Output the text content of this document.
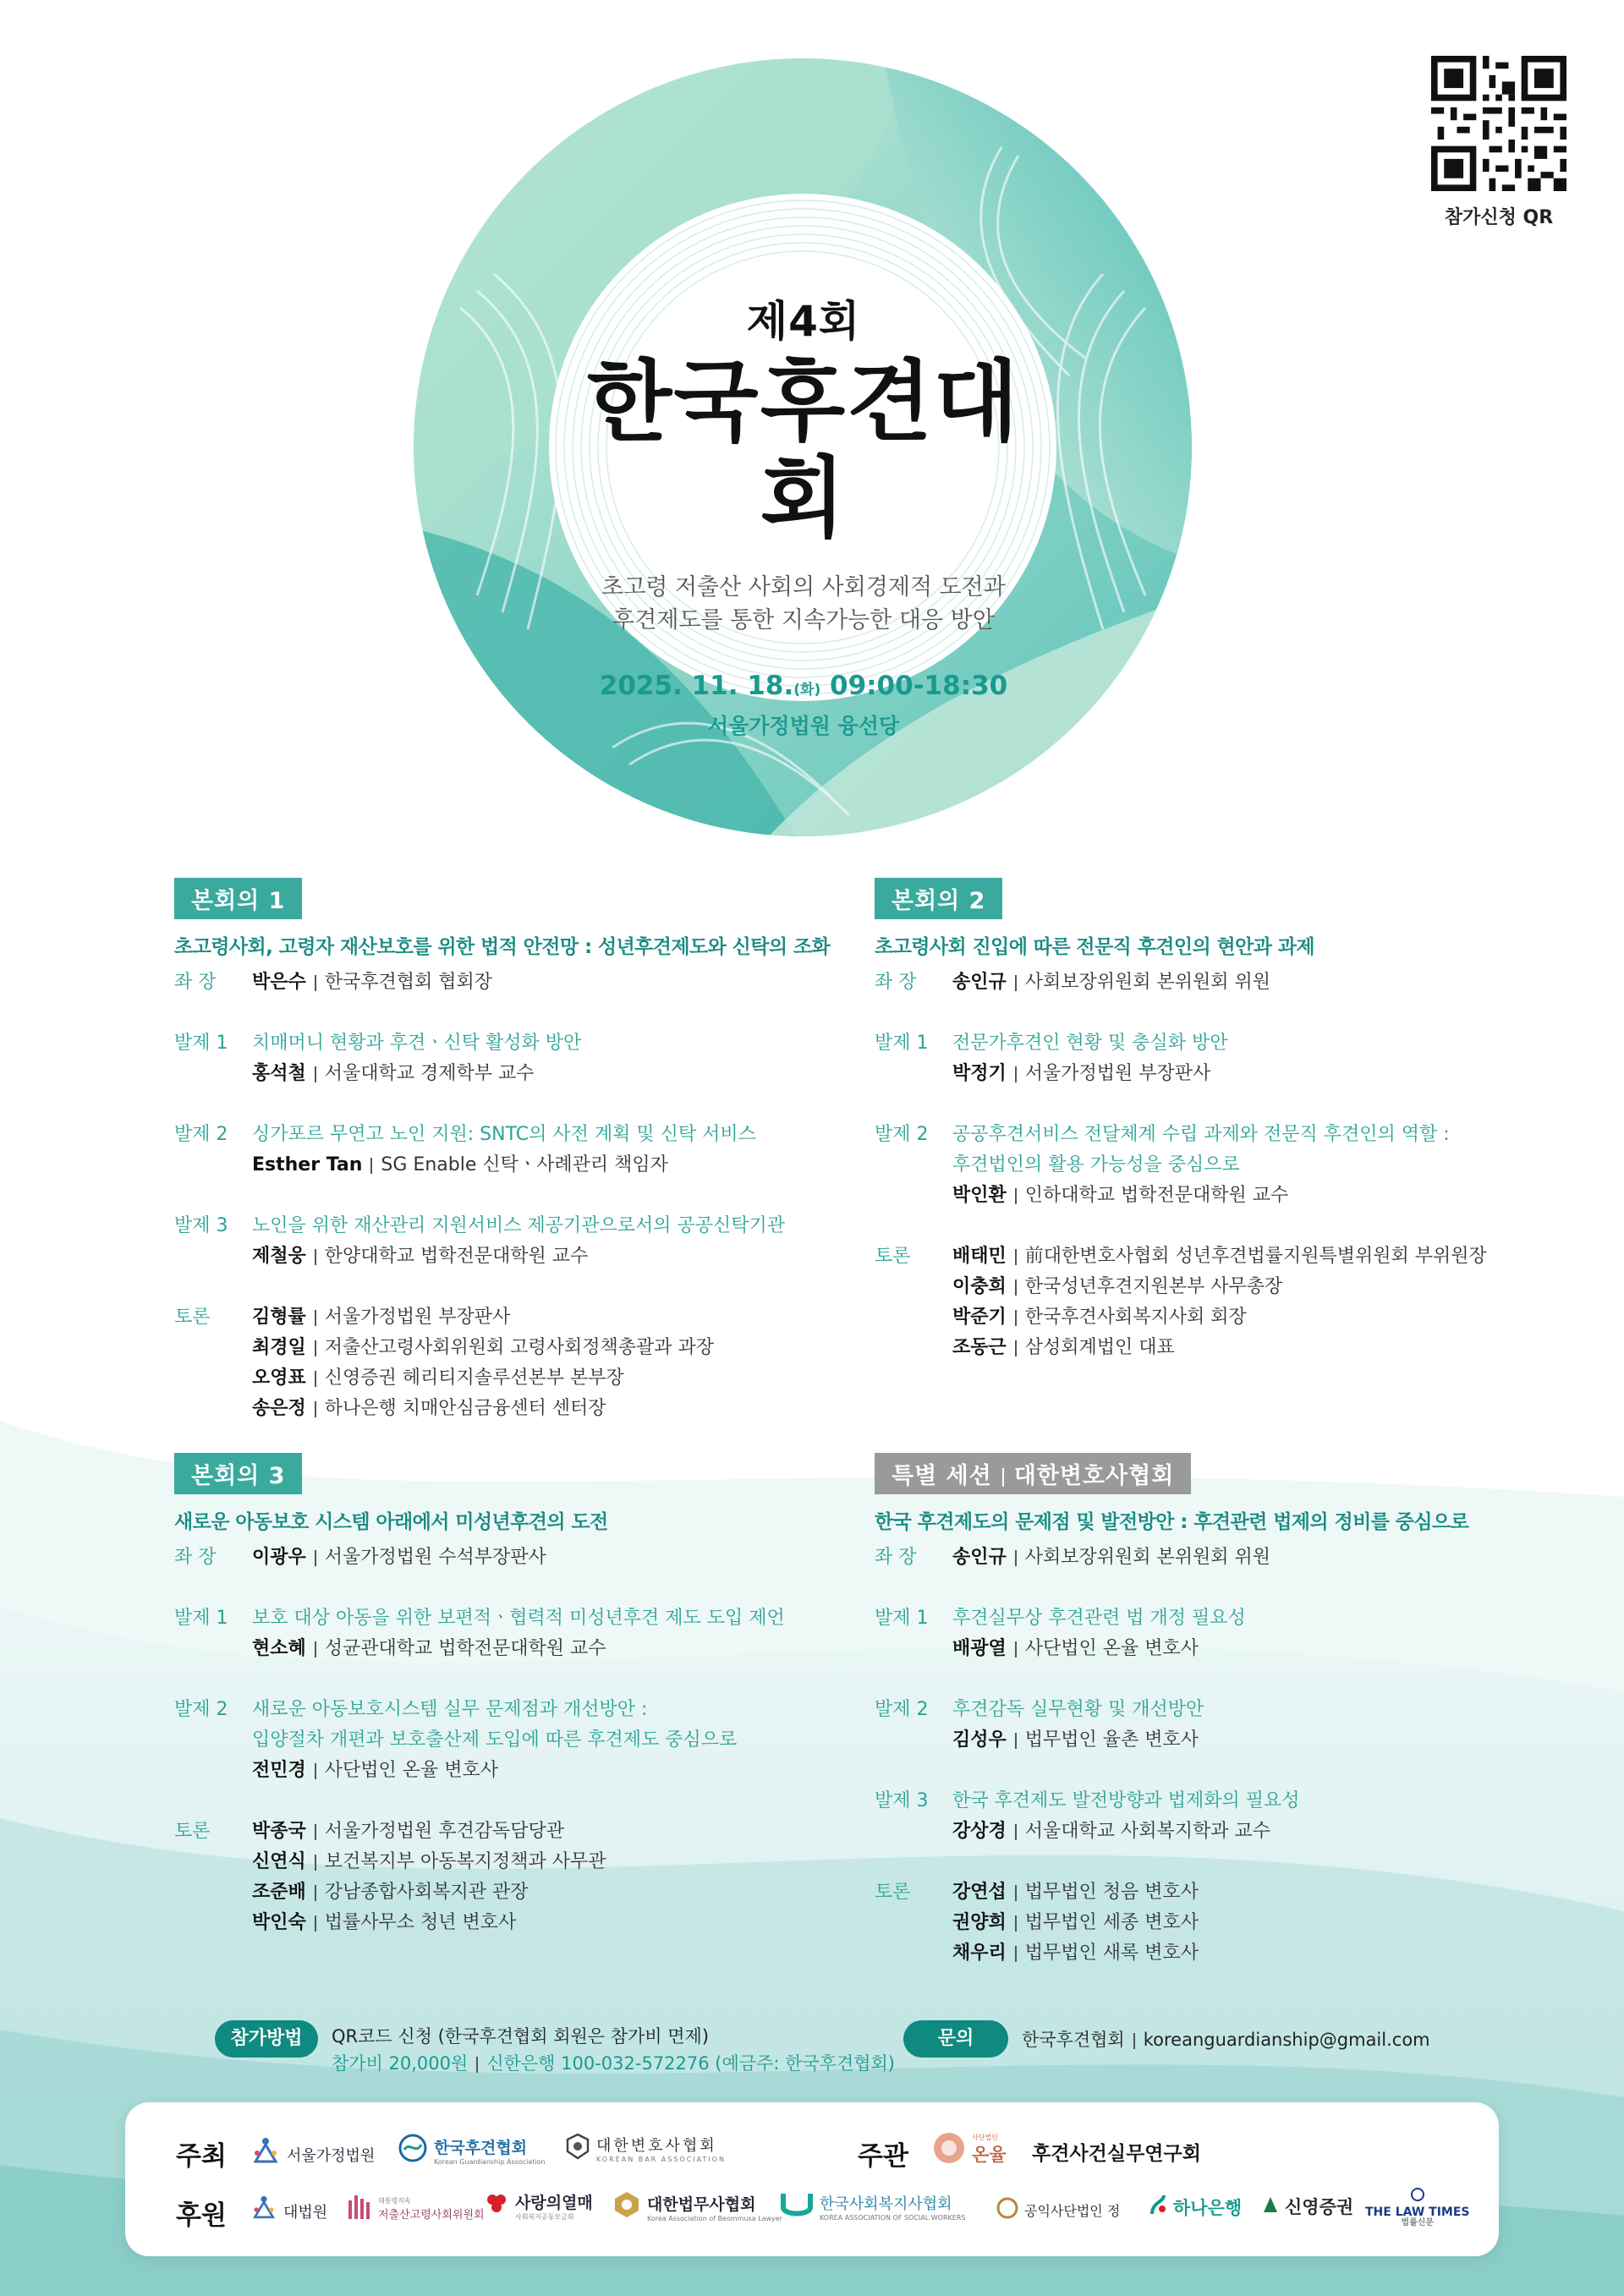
참가신청 QR
제4회
한국후견대회
초고령 저출산 사회의 사회경제적 도전과
후견제도를 통한 지속가능한 대응 방안
2025. 11. 18.(화) 09:00-18:30
서울가정법원 융선당
본회의 1
초고령사회, 고령자 재산보호를 위한 법적 안전망 : 성년후견제도와 신탁의 조화
좌 장	박은수 한국후견협회 협회장
발제 1	치매머니 현황과 후견ㆍ신탁 활성화 방안
홍석철 서울대학교 경제학부 교수
발제 2	싱가포르 무연고 노인 지원: SNTC의 사전 계획 및 신탁 서비스
Esther Tan SG Enable 신탁ㆍ사례관리 책임자
발제 3	노인을 위한 재산관리 지원서비스 제공기관으로서의 공공신탁기관
제철웅 한양대학교 법학전문대학원 교수
토론	김형률 서울가정법원 부장판사
최경일 저출산고령사회위원회 고령사회정책총괄과 과장
오영표 신영증권 헤리티지솔루션본부 본부장
송은정 하나은행 치매안심금융센터 센터장
본회의 2
초고령사회 진입에 따른 전문직 후견인의 현안과 과제
좌 장	송인규 사회보장위원회 본위원회 위원
발제 1	전문가후견인 현황 및 충실화 방안
박정기 서울가정법원 부장판사
발제 2	공공후견서비스 전달체계 수립 과제와 전문직 후견인의 역할 :
후견법인의 활용 가능성을 중심으로
박인환 인하대학교 법학전문대학원 교수
토론	배태민 前대한변호사협회 성년후견법률지원특별위원회 부위원장
이충희 한국성년후견지원본부 사무총장
박준기 한국후견사회복지사회 회장
조동근 삼성회계법인 대표
본회의 3
새로운 아동보호 시스템 아래에서 미성년후견의 도전
좌 장	이광우 서울가정법원 수석부장판사
발제 1	보호 대상 아동을 위한 보편적ㆍ협력적 미성년후견 제도 도입 제언
현소혜 성균관대학교 법학전문대학원 교수
발제 2	새로운 아동보호시스템 실무 문제점과 개선방안 :
입양절차 개편과 보호출산제 도입에 따른 후견제도 중심으로
전민경 사단법인 온율 변호사
토론	박종국 서울가정법원 후견감독담당관
신연식 보건복지부 아동복지정책과 사무관
조준배 강남종합사회복지관 관장
박인숙 법률사무소 청년 변호사
특별 세션 대한변호사협회
한국 후견제도의 문제점 및 발전방안 : 후견관련 법제의 정비를 중심으로
좌 장	송인규 사회보장위원회 본위원회 위원
발제 1	후견실무상 후견관련 법 개정 필요성
배광열 사단법인 온율 변호사
발제 2	후견감독 실무현황 및 개선방안
김성우 법무법인 율촌 변호사
발제 3	한국 후견제도 발전방향과 법제화의 필요성
강상경 서울대학교 사회복지학과 교수
토론	강연섭 법무법인 청음 변호사
권양희 법무법인 세종 변호사
채우리 법무법인 새록 변호사
참가방법	QR코드 신청 (한국후견협회 회원은 참가비 면제)
참가비 20,000원 신한은행 100-032-572276 (예금주: 한국후견협회)
문의	한국후견협회 koreanguardianship@gmail.com
주최	서울가정법원	한국후견협회
Korean Guardianship Association
대한변호사협회
KOREAN BAR ASSOCIATION	주관
사단법인
온율 후견사건실무연구회
후원	대법원
대통령직속
저출산고령사회위원회
사랑의열매
사회복지공동모금회
대한법무사협회
Korea Association of Beommusa Lawyer
한국사회복지사협회
KOREA ASSOCIATION OF SOCIAL WORKERS	공익사단법인 정	하나은행 신영증권 THE LAW TIMES
법률신문
